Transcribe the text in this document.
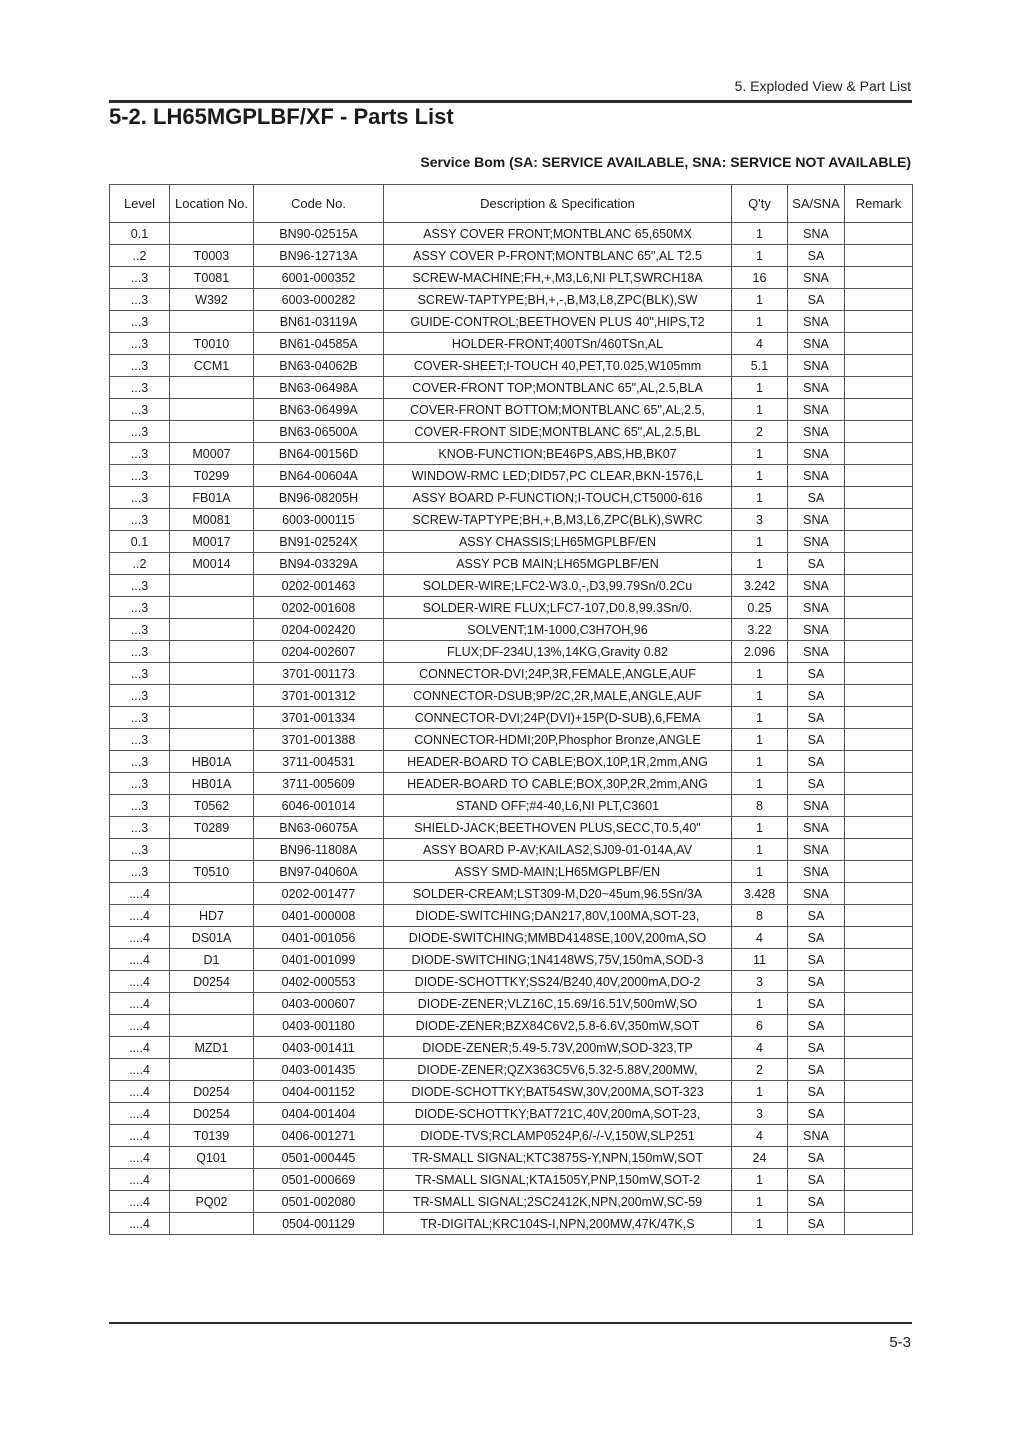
5. Exploded View & Part List
5-2. LH65MGPLBF/XF - Parts List
Service Bom (SA: SERVICE AVAILABLE, SNA: SERVICE NOT AVAILABLE)
Level	Location No.	Code No.	Description & Specification	Q'ty	SA/SNA	Remark
0.1		BN90-02515A	ASSY COVER FRONT;MONTBLANC 65,650MX	1	SNA	
..2	T0003	BN96-12713A	ASSY COVER P-FRONT;MONTBLANC 65",AL T2.5	1	SA	
...3	T0081	6001-000352	SCREW-MACHINE;FH,+,M3,L6,NI PLT,SWRCH18A	16	SNA	
...3	W392	6003-000282	SCREW-TAPTYPE;BH,+,-,B,M3,L8,ZPC(BLK),SW	1	SA	
...3		BN61-03119A	GUIDE-CONTROL;BEETHOVEN PLUS 40",HIPS,T2	1	SNA	
...3	T0010	BN61-04585A	HOLDER-FRONT;400TSn/460TSn,AL	4	SNA	
...3	CCM1	BN63-04062B	COVER-SHEET;I-TOUCH 40,PET,T0.025,W105mm	5.1	SNA	
...3		BN63-06498A	COVER-FRONT TOP;MONTBLANC 65",AL,2.5,BLA	1	SNA	
...3		BN63-06499A	COVER-FRONT BOTTOM;MONTBLANC 65",AL,2.5,	1	SNA	
...3		BN63-06500A	COVER-FRONT SIDE;MONTBLANC 65",AL,2.5,BL	2	SNA	
...3	M0007	BN64-00156D	KNOB-FUNCTION;BE46PS,ABS,HB,BK07	1	SNA	
...3	T0299	BN64-00604A	WINDOW-RMC LED;DID57,PC CLEAR,BKN-1576,L	1	SNA	
...3	FB01A	BN96-08205H	ASSY BOARD P-FUNCTION;I-TOUCH,CT5000-616	1	SA	
...3	M0081	6003-000115	SCREW-TAPTYPE;BH,+,B,M3,L6,ZPC(BLK),SWRC	3	SNA	
0.1	M0017	BN91-02524X	ASSY CHASSIS;LH65MGPLBF/EN	1	SNA	
..2	M0014	BN94-03329A	ASSY PCB MAIN;LH65MGPLBF/EN	1	SA	
...3		0202-001463	SOLDER-WIRE;LFC2-W3.0,-,D3,99.79Sn/0.2Cu	3.242	SNA	
...3		0202-001608	SOLDER-WIRE FLUX;LFC7-107,D0.8,99.3Sn/0.	0.25	SNA	
...3		0204-002420	SOLVENT;1M-1000,C3H7OH,96	3.22	SNA	
...3		0204-002607	FLUX;DF-234U,13%,14KG,Gravity 0.82	2.096	SNA	
...3		3701-001173	CONNECTOR-DVI;24P,3R,FEMALE,ANGLE,AUF	1	SA	
...3		3701-001312	CONNECTOR-DSUB;9P/2C,2R,MALE,ANGLE,AUF	1	SA	
...3		3701-001334	CONNECTOR-DVI;24P(DVI)+15P(D-SUB),6,FEMA	1	SA	
...3		3701-001388	CONNECTOR-HDMI;20P,Phosphor Bronze,ANGLE	1	SA	
...3	HB01A	3711-004531	HEADER-BOARD TO CABLE;BOX,10P,1R,2mm,ANG	1	SA	
...3	HB01A	3711-005609	HEADER-BOARD TO CABLE;BOX,30P,2R,2mm,ANG	1	SA	
...3	T0562	6046-001014	STAND OFF;#4-40,L6,NI PLT,C3601	8	SNA	
...3	T0289	BN63-06075A	SHIELD-JACK;BEETHOVEN PLUS,SECC,T0.5,40"	1	SNA	
...3		BN96-11808A	ASSY BOARD P-AV;KAILAS2,SJ09-01-014A,AV	1	SNA	
...3	T0510	BN97-04060A	ASSY SMD-MAIN;LH65MGPLBF/EN	1	SNA	
....4		0202-001477	SOLDER-CREAM;LST309-M,D20~45um,96.5Sn/3A	3.428	SNA	
....4	HD7	0401-000008	DIODE-SWITCHING;DAN217,80V,100MA,SOT-23,	8	SA	
....4	DS01A	0401-001056	DIODE-SWITCHING;MMBD4148SE,100V,200mA,SO	4	SA	
....4	D1	0401-001099	DIODE-SWITCHING;1N4148WS,75V,150mA,SOD-3	11	SA	
....4	D0254	0402-000553	DIODE-SCHOTTKY;SS24/B240,40V,2000mA,DO-2	3	SA	
....4		0403-000607	DIODE-ZENER;VLZ16C,15.69/16.51V,500mW,SO	1	SA	
....4		0403-001180	DIODE-ZENER;BZX84C6V2,5.8-6.6V,350mW,SOT	6	SA	
....4	MZD1	0403-001411	DIODE-ZENER;5.49-5.73V,200mW,SOD-323,TP	4	SA	
....4		0403-001435	DIODE-ZENER;QZX363C5V6,5.32-5.88V,200MW,	2	SA	
....4	D0254	0404-001152	DIODE-SCHOTTKY;BAT54SW,30V,200MA,SOT-323	1	SA	
....4	D0254	0404-001404	DIODE-SCHOTTKY;BAT721C,40V,200mA,SOT-23,	3	SA	
....4	T0139	0406-001271	DIODE-TVS;RCLAMP0524P,6/-/-V,150W,SLP251	4	SNA	
....4	Q101	0501-000445	TR-SMALL SIGNAL;KTC3875S-Y,NPN,150mW,SOT	24	SA	
....4		0501-000669	TR-SMALL SIGNAL;KTA1505Y,PNP,150mW,SOT-2	1	SA	
....4	PQ02	0501-002080	TR-SMALL SIGNAL;2SC2412K,NPN,200mW,SC-59	1	SA	
....4		0504-001129	TR-DIGITAL;KRC104S-I,NPN,200MW,47K/47K,S	1	SA	
5-3
